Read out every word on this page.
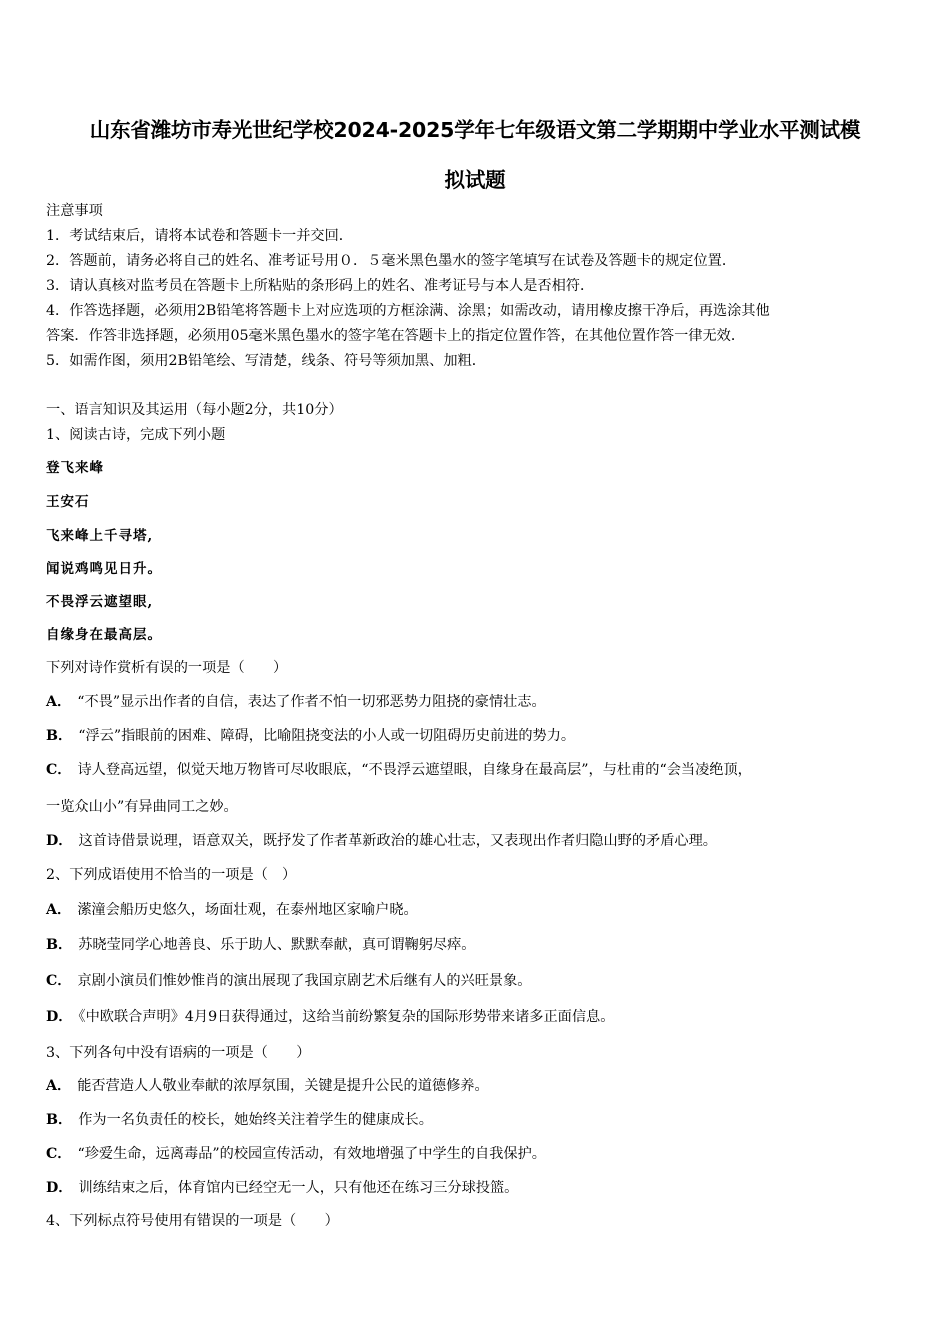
山东省潍坊市寿光世纪学校2024-2025学年七年级语文第二学期期中学业水平测试模
拟试题
注意事项
1．考试结束后，请将本试卷和答题卡一并交回．
2．答题前，请务必将自己的姓名、准考证号用０．５毫米黑色墨水的签字笔填写在试卷及答题卡的规定位置．
3．请认真核对监考员在答题卡上所粘贴的条形码上的姓名、准考证号与本人是否相符．
4．作答选择题，必须用2B铅笔将答题卡上对应选项的方框涂满、涂黑；如需改动，请用橡皮擦干净后，再选涂其他
答案．作答非选择题，必须用05毫米黑色墨水的签字笔在答题卡上的指定位置作答，在其他位置作答一律无效．
5．如需作图，须用2B铅笔绘、写清楚，线条、符号等须加黑、加粗．
一、语言知识及其运用（每小题2分，共10分）
1、阅读古诗，完成下列小题
登飞来峰
王安石
飞来峰上千寻塔,
闻说鸡鸣见日升。
不畏浮云遮望眼,
自缘身在最高层。
下列对诗作赏析有误的一项是（　　）
A． “不畏”显示出作者的自信，表达了作者不怕一切邪恶势力阻挠的豪情壮志。
B． “浮云”指眼前的困难、障碍，比喻阻挠变法的小人或一切阻碍历史前进的势力。
C． 诗人登高远望，似觉天地万物皆可尽收眼底，“不畏浮云遮望眼，自缘身在最高层”，与杜甫的“会当凌绝顶，
一览众山小”有异曲同工之妙。
D． 这首诗借景说理，语意双关，既抒发了作者革新政治的雄心壮志，又表现出作者归隐山野的矛盾心理。
2、下列成语使用不恰当的一项是（　）
A． 潆潼会船历史悠久，场面壮观，在泰州地区家喻户晓。
B． 苏晓莹同学心地善良、乐于助人、默默奉献，真可谓鞠躬尽瘁。
C． 京剧小演员们惟妙惟肖的演出展现了我国京剧艺术后继有人的兴旺景象。
D． 《中欧联合声明》4月9日获得通过，这给当前纷繁复杂的国际形势带来诸多正面信息。
3、下列各句中没有语病的一项是（　　）
A． 能否营造人人敬业奉献的浓厚氛围，关键是提升公民的道德修养。
B． 作为一名负责任的校长，她始终关注着学生的健康成长。
C． “珍爱生命，远离毒品”的校园宣传活动，有效地增强了中学生的自我保护。
D． 训练结束之后，体育馆内已经空无一人，只有他还在练习三分球投篮。
4、下列标点符号使用有错误的一项是（　　）
